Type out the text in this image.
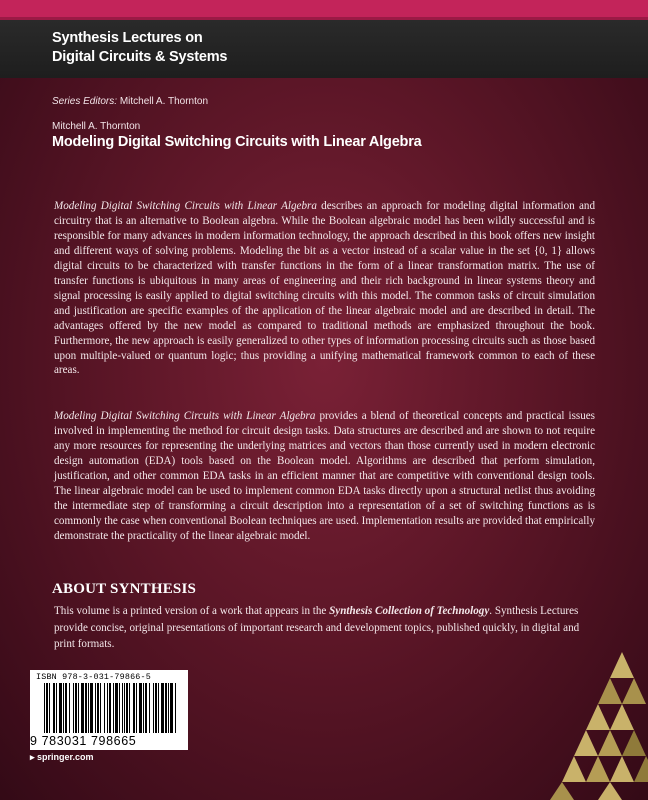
Synthesis Lectures on
Digital Circuits & Systems
Series Editors: Mitchell A. Thornton
Mitchell A. Thornton
Modeling Digital Switching Circuits with Linear Algebra

Modeling Digital Switching Circuits with Linear Algebra describes an approach for modeling digital information and circuitry that is an alternative to Boolean algebra. While the Boolean algebraic model has been wildly successful and is responsible for many advances in modern information technology, the approach described in this book offers new insight and different ways of solving problems. Modeling the bit as a vector instead of a scalar value in the set {0, 1} allows digital circuits to be characterized with transfer functions in the form of a linear transformation matrix. The use of transfer functions is ubiquitous in many areas of engineering and their rich background in linear systems theory and signal processing is easily applied to digital switching circuits with this model. The common tasks of circuit simulation and justification are specific examples of the application of the linear algebraic model and are described in detail. The advantages offered by the new model as compared to traditional methods are emphasized throughout the book. Furthermore, the new approach is easily generalized to other types of information processing circuits such as those based upon multiple-valued or quantum logic; thus providing a unifying mathematical framework common to each of these areas.

Modeling Digital Switching Circuits with Linear Algebra provides a blend of theoretical concepts and practical issues involved in implementing the method for circuit design tasks. Data structures are described and are shown to not require any more resources for representing the underlying matrices and vectors than those currently used in modern electronic design automation (EDA) tools based on the Boolean model. Algorithms are described that perform simulation, justification, and other common EDA tasks in an efficient manner that are competitive with conventional design tools. The linear algebraic model can be used to implement common EDA tasks directly upon a structural netlist thus avoiding the intermediate step of transforming a circuit description into a representation of a set of switching functions as is commonly the case when conventional Boolean techniques are used. Implementation results are provided that empirically demonstrate the practicality of the linear algebraic model.

ABOUT SYNTHESIS

This volume is a printed version of a work that appears in the Synthesis Collection of Technology. Synthesis Lectures provide concise, original presentations of important research and development topics, published quickly, in digital and print formats.

ISBN 978-3-031-79866-5
9 783031 798665
▸ springer.com
